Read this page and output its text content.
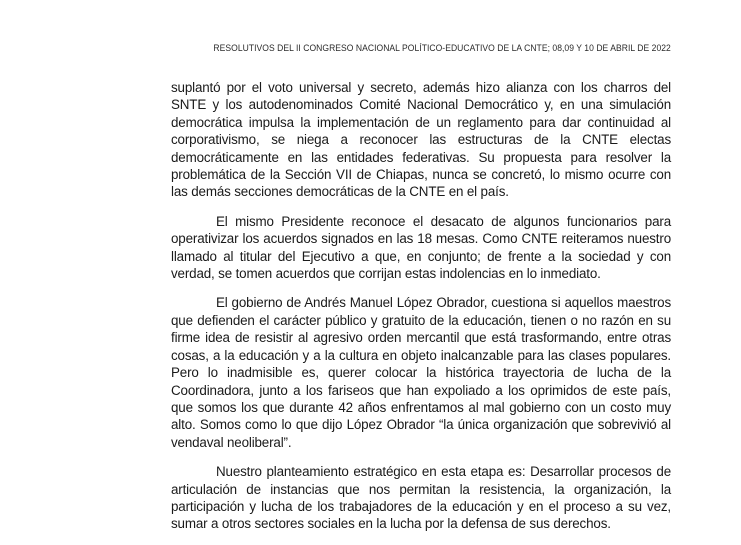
RESOLUTIVOS DEL II CONGRESO NACIONAL POLÍTICO-EDUCATIVO DE LA CNTE; 08,09 Y 10 DE ABRIL DE 2022

suplantó por el voto universal y secreto, además hizo alianza con los charros del SNTE y los autodenominados Comité Nacional Democrático y, en una simulación democrática impulsa la implementación de un reglamento para dar continuidad al corporativismo, se niega a reconocer las estructuras de la CNTE electas democráticamente en las entidades federativas. Su propuesta para resolver la problemática de la Sección VII de Chiapas, nunca se concretó, lo mismo ocurre con las demás secciones democráticas de la CNTE en el país.

El mismo Presidente reconoce el desacato de algunos funcionarios para operativizar los acuerdos signados en las 18 mesas. Como CNTE reiteramos nuestro llamado al titular del Ejecutivo a que, en conjunto; de frente a la sociedad y con verdad, se tomen acuerdos que corrijan estas indolencias en lo inmediato.

El gobierno de Andrés Manuel López Obrador, cuestiona si aquellos maestros que defienden el carácter público y gratuito de la educación, tienen o no razón en su firme idea de resistir al agresivo orden mercantil que está trasformando, entre otras cosas, a la educación y a la cultura en objeto inalcanzable para las clases populares. Pero lo inadmisible es, querer colocar la histórica trayectoria de lucha de la Coordinadora, junto a los fariseos que han expoliado a los oprimidos de este país, que somos los que durante 42 años enfrentamos al mal gobierno con un costo muy alto. Somos como lo que dijo López Obrador “la única organización que sobrevivió al vendaval neoliberal”.

Nuestro planteamiento estratégico en esta etapa es: Desarrollar procesos de articulación de instancias que nos permitan la resistencia, la organización, la participación y lucha de los trabajadores de la educación y en el proceso a su vez, sumar a otros sectores sociales en la lucha por la defensa de sus derechos.
